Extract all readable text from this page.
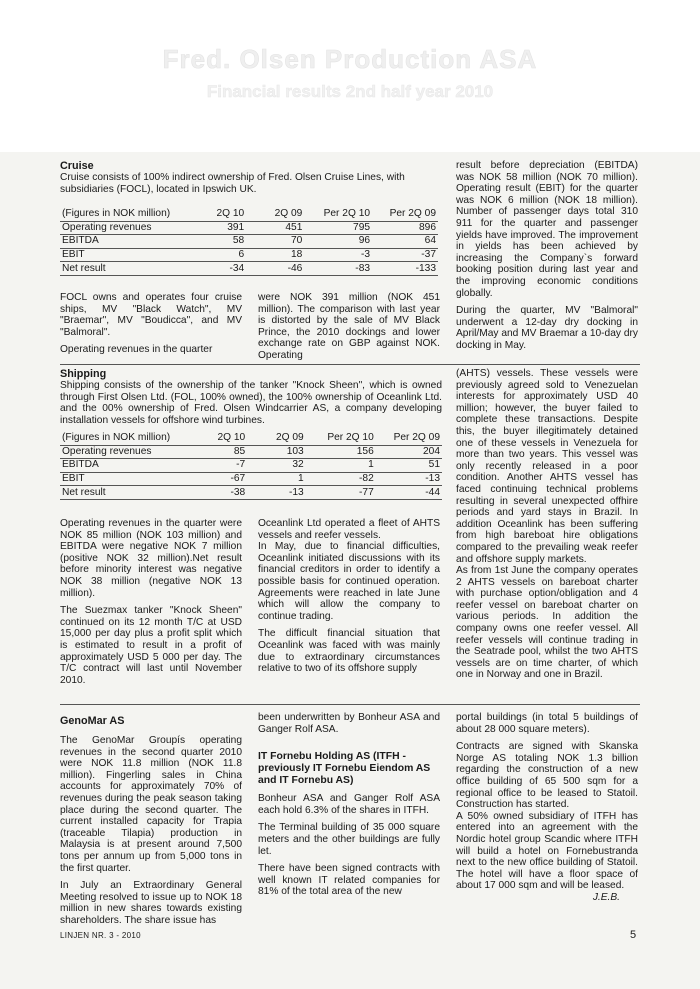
Fred. Olsen Production ASA
Financial results 2nd half year 2010
Cruise
Cruise consists of 100% indirect ownership of Fred. Olsen Cruise Lines, with subsidiaries (FOCL), located in Ipswich UK.
(Figures in NOK million)	2Q 10	2Q 09	Per 2Q 10	Per 2Q 09
Operating revenues	391	451	795	896
EBITDA	58	70	96	64
EBIT	6	18	-3	-37
Net result	-34	-46	-83	-133

FOCL owns and operates four cruise ships, MV "Black Watch", MV "Braemar", MV "Boudicca", and MV "Balmoral".

Operating revenues in the quarter

were NOK 391 million (NOK 451 million). The comparison with last year is distorted by the sale of MV Black Prince, the 2010 dockings and lower exchange rate on GBP against NOK. Operating

result before depreciation (EBITDA) was NOK 58 million (NOK 70 million). Operating result (EBIT) for the quarter was NOK 6 million (NOK 18 million). Number of passenger days total 310 911 for the quarter and passenger yields have improved. The improvement in yields has been achieved by increasing the Company`s forward booking position during last year and the improving economic conditions globally.

During the quarter, MV "Balmoral" underwent a 12-day dry docking in April/May and MV Braemar a 10-day dry docking in May.

Shipping
Shipping consists of the ownership of the tanker "Knock Sheen", which is owned through First Olsen Ltd. (FOL, 100% owned), the 100% ownership of Oceanlink Ltd. and the 00% ownership of Fred. Olsen Windcarrier AS, a company developing installation vessels for offshore wind turbines.
(Figures in NOK million)	2Q 10	2Q 09	Per 2Q 10	Per 2Q 09
Operating revenues	85	103	156	204
EBITDA	-7	32	1	51
EBIT	-67	1	-82	-13
Net result	-38	-13	-77	-44

Operating revenues in the quarter were NOK 85 million (NOK 103 million) and EBITDA were negative NOK 7 million (positive NOK 32 million).Net result before minority interest was negative NOK 38 million (negative NOK 13 million).

The Suezmax tanker "Knock Sheen" continued on its 12 month T/C at USD 15,000 per day plus a profit split which is estimated to result in a profit of approximately USD 5 000 per day. The T/C contract will last until November 2010.

Oceanlink Ltd operated a fleet of AHTS vessels and reefer vessels.

In May, due to financial difficulties, Oceanlink initiated discussions with its financial creditors in order to identify a possible basis for continued operation. Agreements were reached in late June which will allow the company to continue trading.

The difficult financial situation that Oceanlink was faced with was mainly due to extraordinary circumstances relative to two of its offshore supply

(AHTS) vessels. These vessels were previously agreed sold to Venezuelan interests for approximately USD 40 million; however, the buyer failed to complete these transactions. Despite this, the buyer illegitimately detained one of these vessels in Venezuela for more than two years. This vessel was only recently released in a poor condition. Another AHTS vessel has faced continuing technical problems resulting in several unexpected offhire periods and yard stays in Brazil. In addition Oceanlink has been suffering from high bareboat hire obligations compared to the prevailing weak reefer and offshore supply markets.

As from 1st June the company operates 2 AHTS vessels on bareboat charter with purchase option/obligation and 4 reefer vessel on bareboat charter on various periods. In addition the company owns one reefer vessel. All reefer vessels will continue trading in the Seatrade pool, whilst the two AHTS vessels are on time charter, of which one in Norway and one in Brazil.

GenoMar AS

The GenoMar Groupís operating revenues in the second quarter 2010 were NOK 11.8 million (NOK 11.8 million). Fingerling sales in China accounts for approximately 70% of revenues during the peak season taking place during the second quarter. The current installed capacity for Trapia (traceable Tilapia) production in Malaysia is at present around 7,500 tons per annum up from 5,000 tons in the first quarter.

In July an Extraordinary General Meeting resolved to issue up to NOK 18 million in new shares towards existing shareholders. The share issue has

been underwritten by Bonheur ASA and Ganger Rolf ASA.

IT Fornebu Holding AS (ITFH - previously IT Fornebu Eiendom AS and IT Fornebu AS)

Bonheur ASA and Ganger Rolf ASA each hold 6.3% of the shares in ITFH.

The Terminal building of 35 000 square meters and the other buildings are fully let.

There have been signed contracts with well known IT related companies for 81% of the total area of the new

portal buildings (in total 5 buildings of about 28 000 square meters).

Contracts are signed with Skanska Norge AS totaling NOK 1.3 billion regarding the construction of a new office building of 65 500 sqm for a regional office to be leased to Statoil. Construction has started.

A 50% owned subsidiary of ITFH has entered into an agreement with the Nordic hotel group Scandic where ITFH will build a hotel on Fornebustranda next to the new office building of Statoil. The hotel will have a floor space of about 17 000 sqm and will be leased.

J.E.B.
LINJEN NR. 3 - 2010	5
